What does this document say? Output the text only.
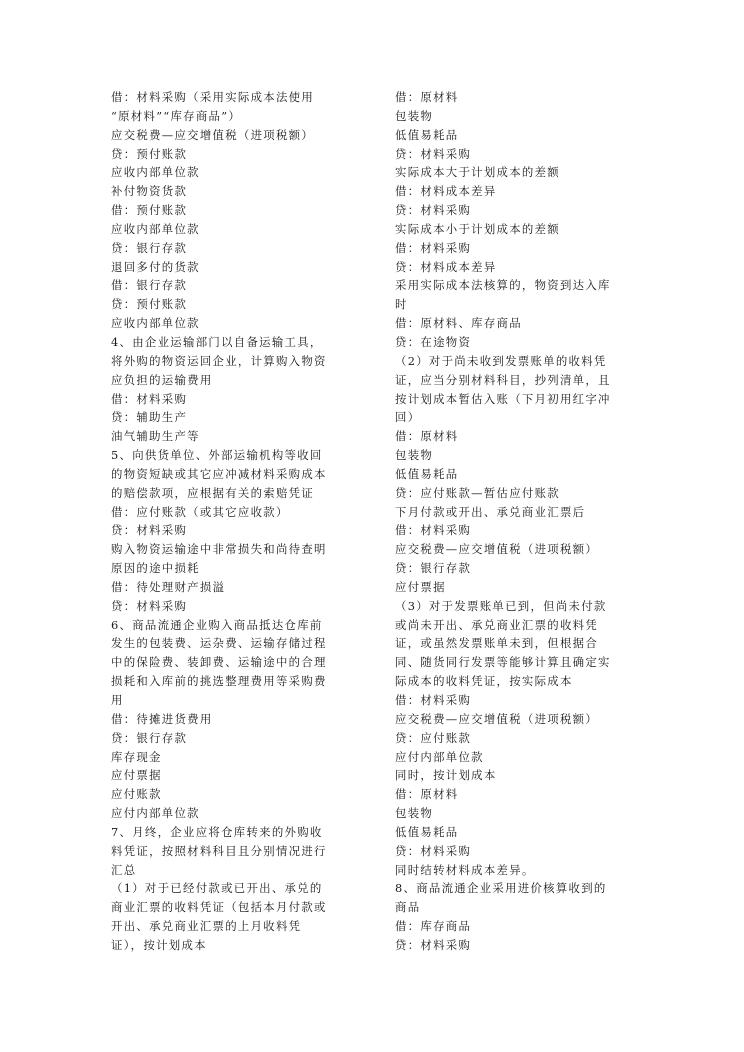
借：材料采购（采用实际成本法使用
“原材料”“库存商品”）
应交税费—应交增值税（进项税额）
贷：预付账款
应收内部单位款
补付物资货款
借：预付账款
应收内部单位款
贷：银行存款
退回多付的货款
借：银行存款
贷：预付账款
应收内部单位款
4、由企业运输部门以自备运输工具，
将外购的物资运回企业，计算购入物资
应负担的运输费用
借：材料采购
贷：辅助生产
油气辅助生产等
5、向供货单位、外部运输机构等收回
的物资短缺或其它应冲减材料采购成本
的赔偿款项，应根据有关的索赔凭证
借：应付账款（或其它应收款）
贷：材料采购
购入物资运输途中非常损失和尚待查明
原因的途中损耗
借：待处理财产损溢
贷：材料采购
6、商品流通企业购入商品抵达仓库前
发生的包装费、运杂费、运输存储过程
中的保险费、装卸费、运输途中的合理
损耗和入库前的挑选整理费用等采购费
用
借：待摊进货费用
贷：银行存款
库存现金
应付票据
应付账款
应付内部单位款
7、月终，企业应将仓库转来的外购收
料凭证，按照材料科目且分别情况进行
汇总
（1）对于已经付款或已开出、承兑的
商业汇票的收料凭证（包括本月付款或
开出、承兑商业汇票的上月收料凭
证），按计划成本
借：原材料
包装物
低值易耗品
贷：材料采购
实际成本大于计划成本的差额
借：材料成本差异
贷：材料采购
实际成本小于计划成本的差额
借：材料采购
贷：材料成本差异
采用实际成本法核算的，物资到达入库
时
借：原材料、库存商品
贷：在途物资
（2）对于尚未收到发票账单的收料凭
证，应当分别材料科目，抄列清单，且
按计划成本暂估入账（下月初用红字冲
回）
借：原材料
包装物
低值易耗品
贷：应付账款—暂估应付账款
下月付款或开出、承兑商业汇票后
借：材料采购
应交税费—应交增值税（进项税额）
贷：银行存款
应付票据
（3）对于发票账单已到，但尚未付款
或尚未开出、承兑商业汇票的收料凭
证，或虽然发票账单未到，但根据合
同、随货同行发票等能够计算且确定实
际成本的收料凭证，按实际成本
借：材料采购
应交税费—应交增值税（进项税额）
贷：应付账款
应付内部单位款
同时，按计划成本
借：原材料
包装物
低值易耗品
贷：材料采购
同时结转材料成本差异。
8、商品流通企业采用进价核算收到的
商品
借：库存商品
贷：材料采购
